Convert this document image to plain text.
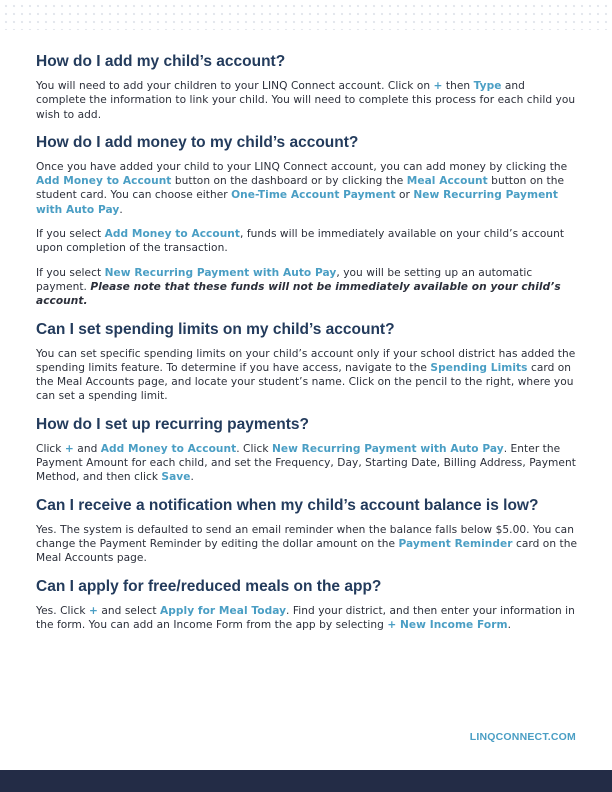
How do I add my child’s account?

You will need to add your children to your LINQ Connect account. Click on + then Type and complete the information to link your child. You will need to complete this process for each child you wish to add.

How do I add money to my child’s account?

Once you have added your child to your LINQ Connect account, you can add money by clicking the Add Money to Account button on the dashboard or by clicking the Meal Account button on the student card. You can choose either One-Time Account Payment or New Recurring Payment with Auto Pay.

If you select Add Money to Account, funds will be immediately available on your child’s account upon completion of the transaction.

If you select New Recurring Payment with Auto Pay, you will be setting up an automatic payment. Please note that these funds will not be immediately available on your child’s account.

Can I set spending limits on my child’s account?

You can set specific spending limits on your child’s account only if your school district has added the spending limits feature. To determine if you have access, navigate to the Spending Limits card on the Meal Accounts page, and locate your student’s name. Click on the pencil to the right, where you can set a spending limit.

How do I set up recurring payments?

Click + and Add Money to Account. Click New Recurring Payment with Auto Pay. Enter the Payment Amount for each child, and set the Frequency, Day, Starting Date, Billing Address, Payment Method, and then click Save.

Can I receive a notification when my child’s account balance is low?

Yes. The system is defaulted to send an email reminder when the balance falls below $5.00. You can change the Payment Reminder by editing the dollar amount on the Payment Reminder card on the Meal Accounts page.

Can I apply for free/reduced meals on the app?

Yes. Click + and select Apply for Meal Today. Find your district, and then enter your information in the form. You can add an Income Form from the app by selecting + New Income Form.

LINQCONNECT.COM
